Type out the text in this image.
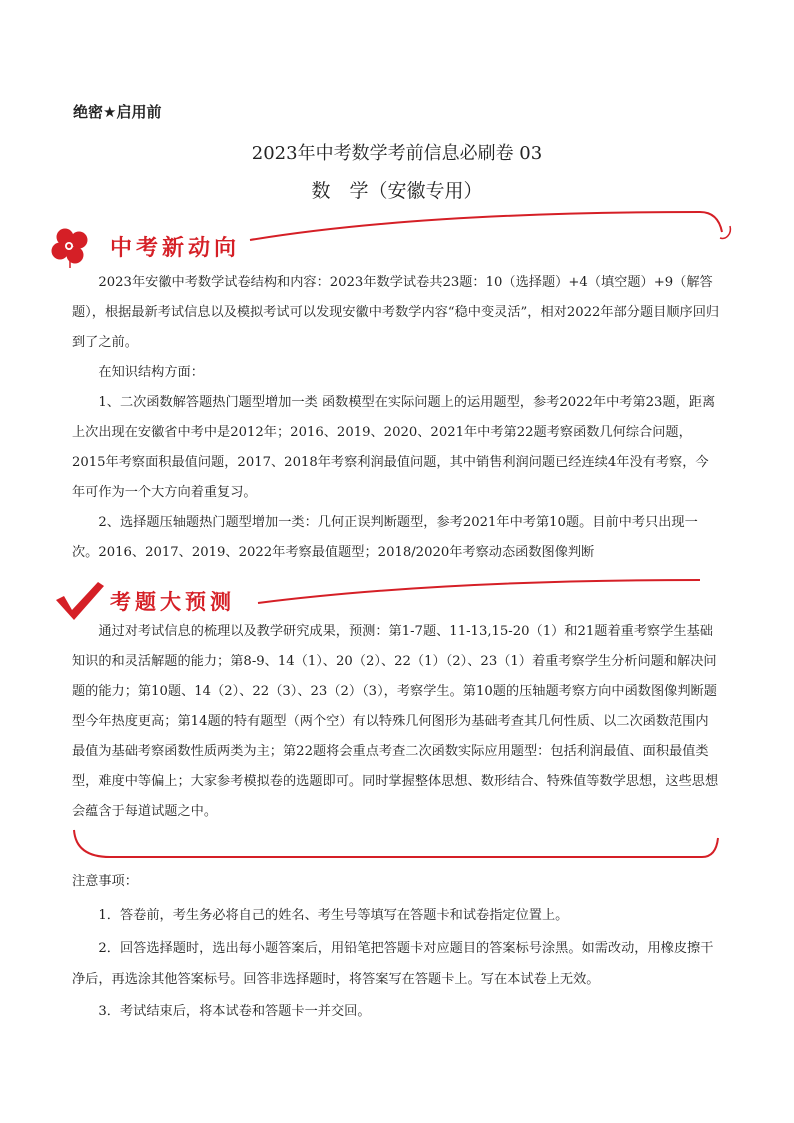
绝密★启用前
2023年中考数学考前信息必刷卷 03
数　学（安徽专用）
中考新动向

2023年安徽中考数学试卷结构和内容：2023年数学试卷共23题：10（选择题）+4（填空题）+9（解答题），根据最新考试信息以及模拟考试可以发现安徽中考数学内容“稳中变灵活”，相对2022年部分题目顺序回归到了之前。

在知识结构方面：

1、二次函数解答题热门题型增加一类 函数模型在实际问题上的运用题型，参考2022年中考第23题，距离上次出现在安徽省中考中是2012年；2016、2019、2020、2021年中考第22题考察函数几何综合问题，2015年考察面积最值问题，2017、2018年考察利润最值问题，其中销售利润问题已经连续4年没有考察，今年可作为一个大方向着重复习。

2、选择题压轴题热门题型增加一类：几何正误判断题型，参考2021年中考第10题。目前中考只出现一次。2016、2017、2019、2022年考察最值题型；2018/2020年考察动态函数图像判断

考题大预测

通过对考试信息的梳理以及教学研究成果，预测：第1-7题、11-13,15-20（1）和21题着重考察学生基础知识的和灵活解题的能力；第8-9、14（1）、20（2）、22（1）（2）、23（1）着重考察学生分析问题和解决问题的能力；第10题、14（2）、22（3）、23（2）（3），考察学生。第10题的压轴题考察方向中函数图像判断题型今年热度更高；第14题的特有题型（两个空）有以特殊几何图形为基础考查其几何性质、以二次函数范围内最值为基础考察函数性质两类为主；第22题将会重点考查二次函数实际应用题型：包括利润最值、面积最值类型，难度中等偏上；大家参考模拟卷的选题即可。同时掌握整体思想、数形结合、特殊值等数学思想，这些思想会蕴含于每道试题之中。

注意事项：

1．答卷前，考生务必将自己的姓名、考生号等填写在答题卡和试卷指定位置上。

2．回答选择题时，选出每小题答案后，用铅笔把答题卡对应题目的答案标号涂黑。如需改动，用橡皮擦干净后，再选涂其他答案标号。回答非选择题时，将答案写在答题卡上。写在本试卷上无效。

3．考试结束后，将本试卷和答题卡一并交回。
